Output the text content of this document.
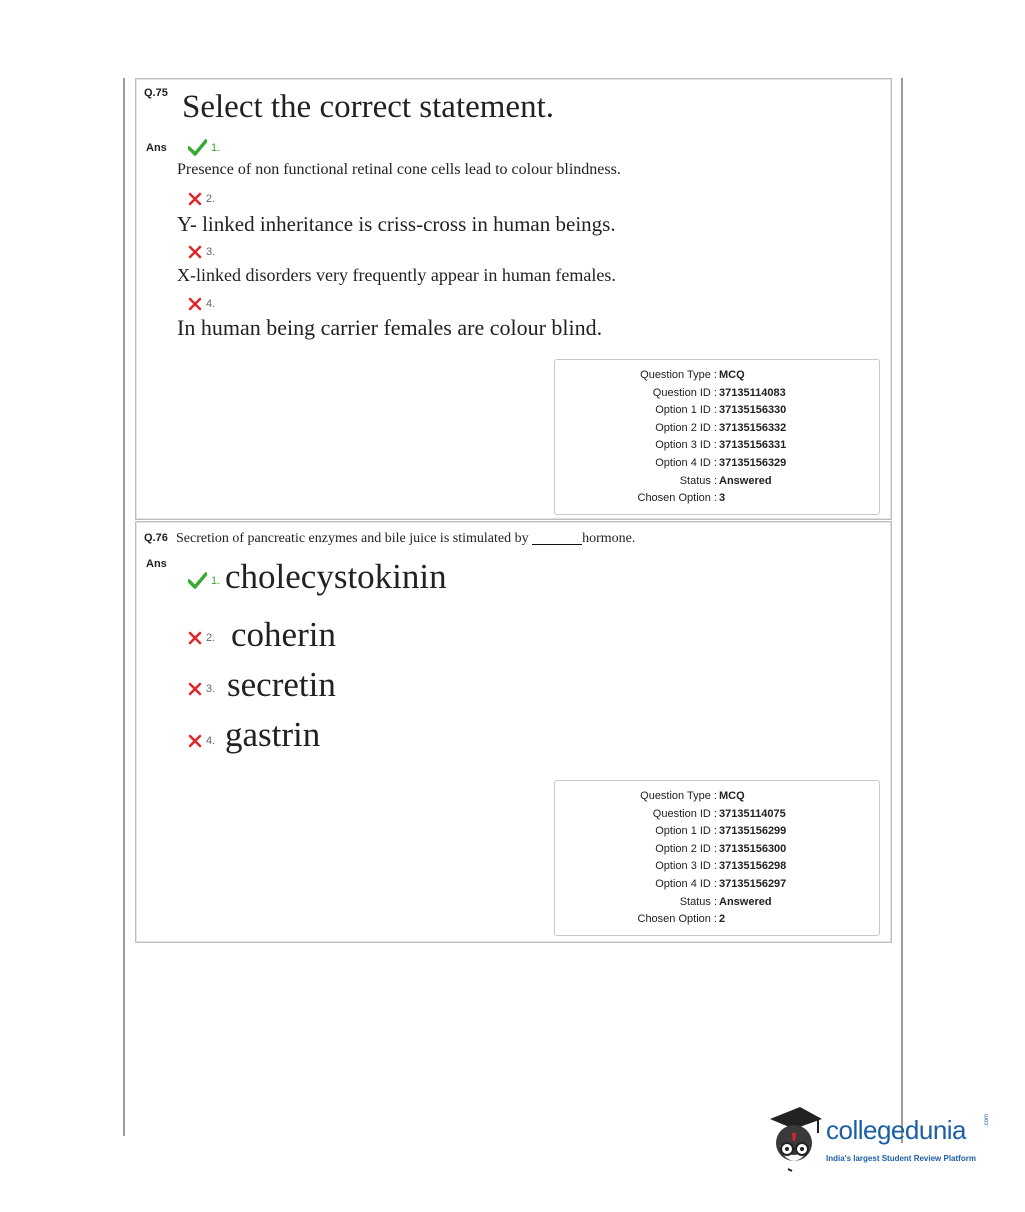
Q.75 Select the correct statement.
Ans	1.
Presence of non functional retinal cone cells lead to colour blindness.
2.
Y- linked inheritance is criss-cross in human beings.
3.
X-linked disorders very frequently appear in human females.
4.
In human being carrier females are colour blind.
Question Type : MCQ
Question ID : 37135114083
Option 1 ID : 37135156330
Option 2 ID : 37135156332
Option 3 ID : 37135156331
Option 4 ID : 37135156329
Status : Answered
Chosen Option : 3
Q.76 Secretion of pancreatic enzymes and bile juice is stimulated by	hormone.
Ans
1. cholecystokinin
2. coherin
3. secretin
4. gastrin
Question Type : MCQ
Question ID : 37135114075
Option 1 ID : 37135156299
Option 2 ID : 37135156300
Option 3 ID : 37135156298
Option 4 ID : 37135156297
Status : Answered
Chosen Option : 2
collegedunia	.com
India's largest Student Review Platform
